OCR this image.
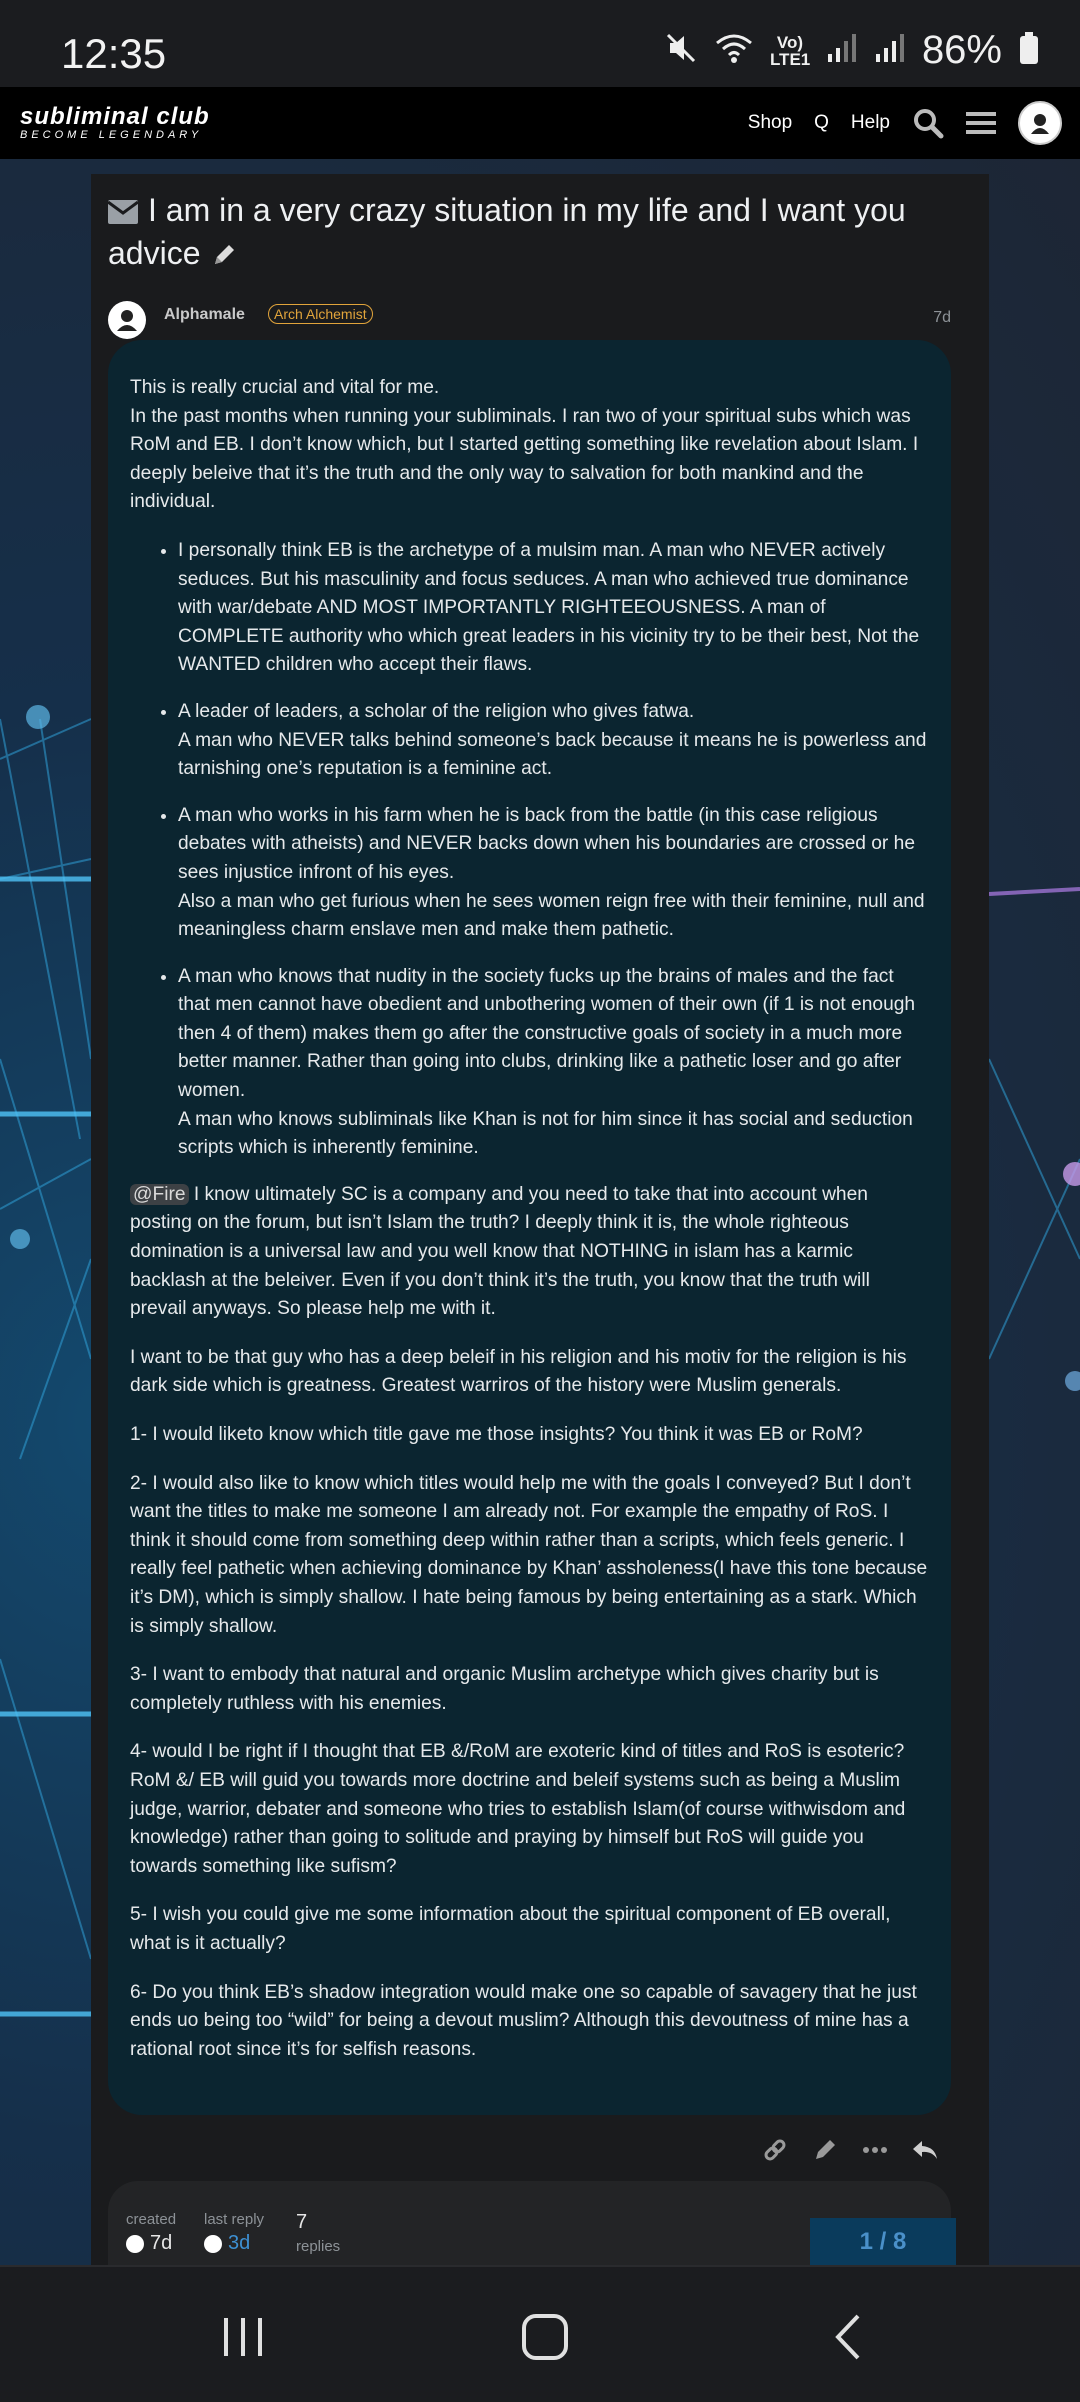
12:35	Vo) LTE1	86%
subliminal club
BECOME LEGENDARY
Shop Q Help
I am in a very crazy situation in my life and I want you advice
Alphamale	Arch Alchemist	7d

This is really crucial and vital for me.
In the past months when running your subliminals. I ran two of your spiritual subs which was RoM and EB. I don’t know which, but I started getting something like revelation about Islam. I deeply beleive that it’s the truth and the only way to salvation for both mankind and the individual.

• I personally think EB is the archetype of a mulsim man. A man who NEVER actively seduces. But his masculinity and focus seduces. A man who achieved true dominance with war/debate AND MOST IMPORTANTLY RIGHTEEOUSNESS. A man of COMPLETE authority who which great leaders in his vicinity try to be their best, Not the WANTED children who accept their flaws.
• A leader of leaders, a scholar of the religion who gives fatwa.
A man who NEVER talks behind someone’s back because it means he is powerless and tarnishing one’s reputation is a feminine act.
• A man who works in his farm when he is back from the battle (in this case religious debates with atheists) and NEVER backs down when his boundaries are crossed or he sees injustice infront of his eyes.
Also a man who get furious when he sees women reign free with their feminine, null and meaningless charm enslave men and make them pathetic.
• A man who knows that nudity in the society fucks up the brains of males and the fact that men cannot have obedient and unbothering women of their own (if 1 is not enough then 4 of them) makes them go after the constructive goals of society in a much more better manner. Rather than going into clubs, drinking like a pathetic loser and go after women.
A man who knows subliminals like Khan is not for him since it has social and seduction scripts which is inherently feminine.

@Fire I know ultimately SC is a company and you need to take that into account when posting on the forum, but isn’t Islam the truth? I deeply think it is, the whole righteous domination is a universal law and you well know that NOTHING in islam has a karmic backlash at the beleiver. Even if you don’t think it’s the truth, you know that the truth will prevail anyways. So please help me with it.

I want to be that guy who has a deep beleif in his religion and his motiv for the religion is his dark side which is greatness. Greatest warriros of the history were Muslim generals.

1- I would liketo know which title gave me those insights? You think it was EB or RoM?

2- I would also like to know which titles would help me with the goals I conveyed? But I don’t want the titles to make me someone I am already not. For example the empathy of RoS. I think it should come from something deep within rather than a scripts, which feels generic. I really feel pathetic when achieving dominance by Khan’ assholeness(I have this tone because it’s DM), which is simply shallow. I hate being famous by being entertaining as a stark. Which is simply shallow.

3- I want to embody that natural and organic Muslim archetype which gives charity but is completely ruthless with his enemies.

4- would I be right if I thought that EB &/RoM are exoteric kind of titles and RoS is esoteric? RoM &/ EB will guid you towards more doctrine and beleif systems such as being a Muslim judge, warrior, debater and someone who tries to establish Islam(of course withwisdom and knowledge) rather than going to solitude and praying by himself but RoS will guide you towards something like sufism?

5- I wish you could give me some information about the spiritual component of EB overall, what is it actually?

6- Do you think EB’s shadow integration would make one so capable of savagery that he just ends uo being too “wild” for being a devout muslim? Although this devoutness of mine has a rational root since it’s for selfish reasons.

created
7d
last reply
3d
7
replies	1 / 8
